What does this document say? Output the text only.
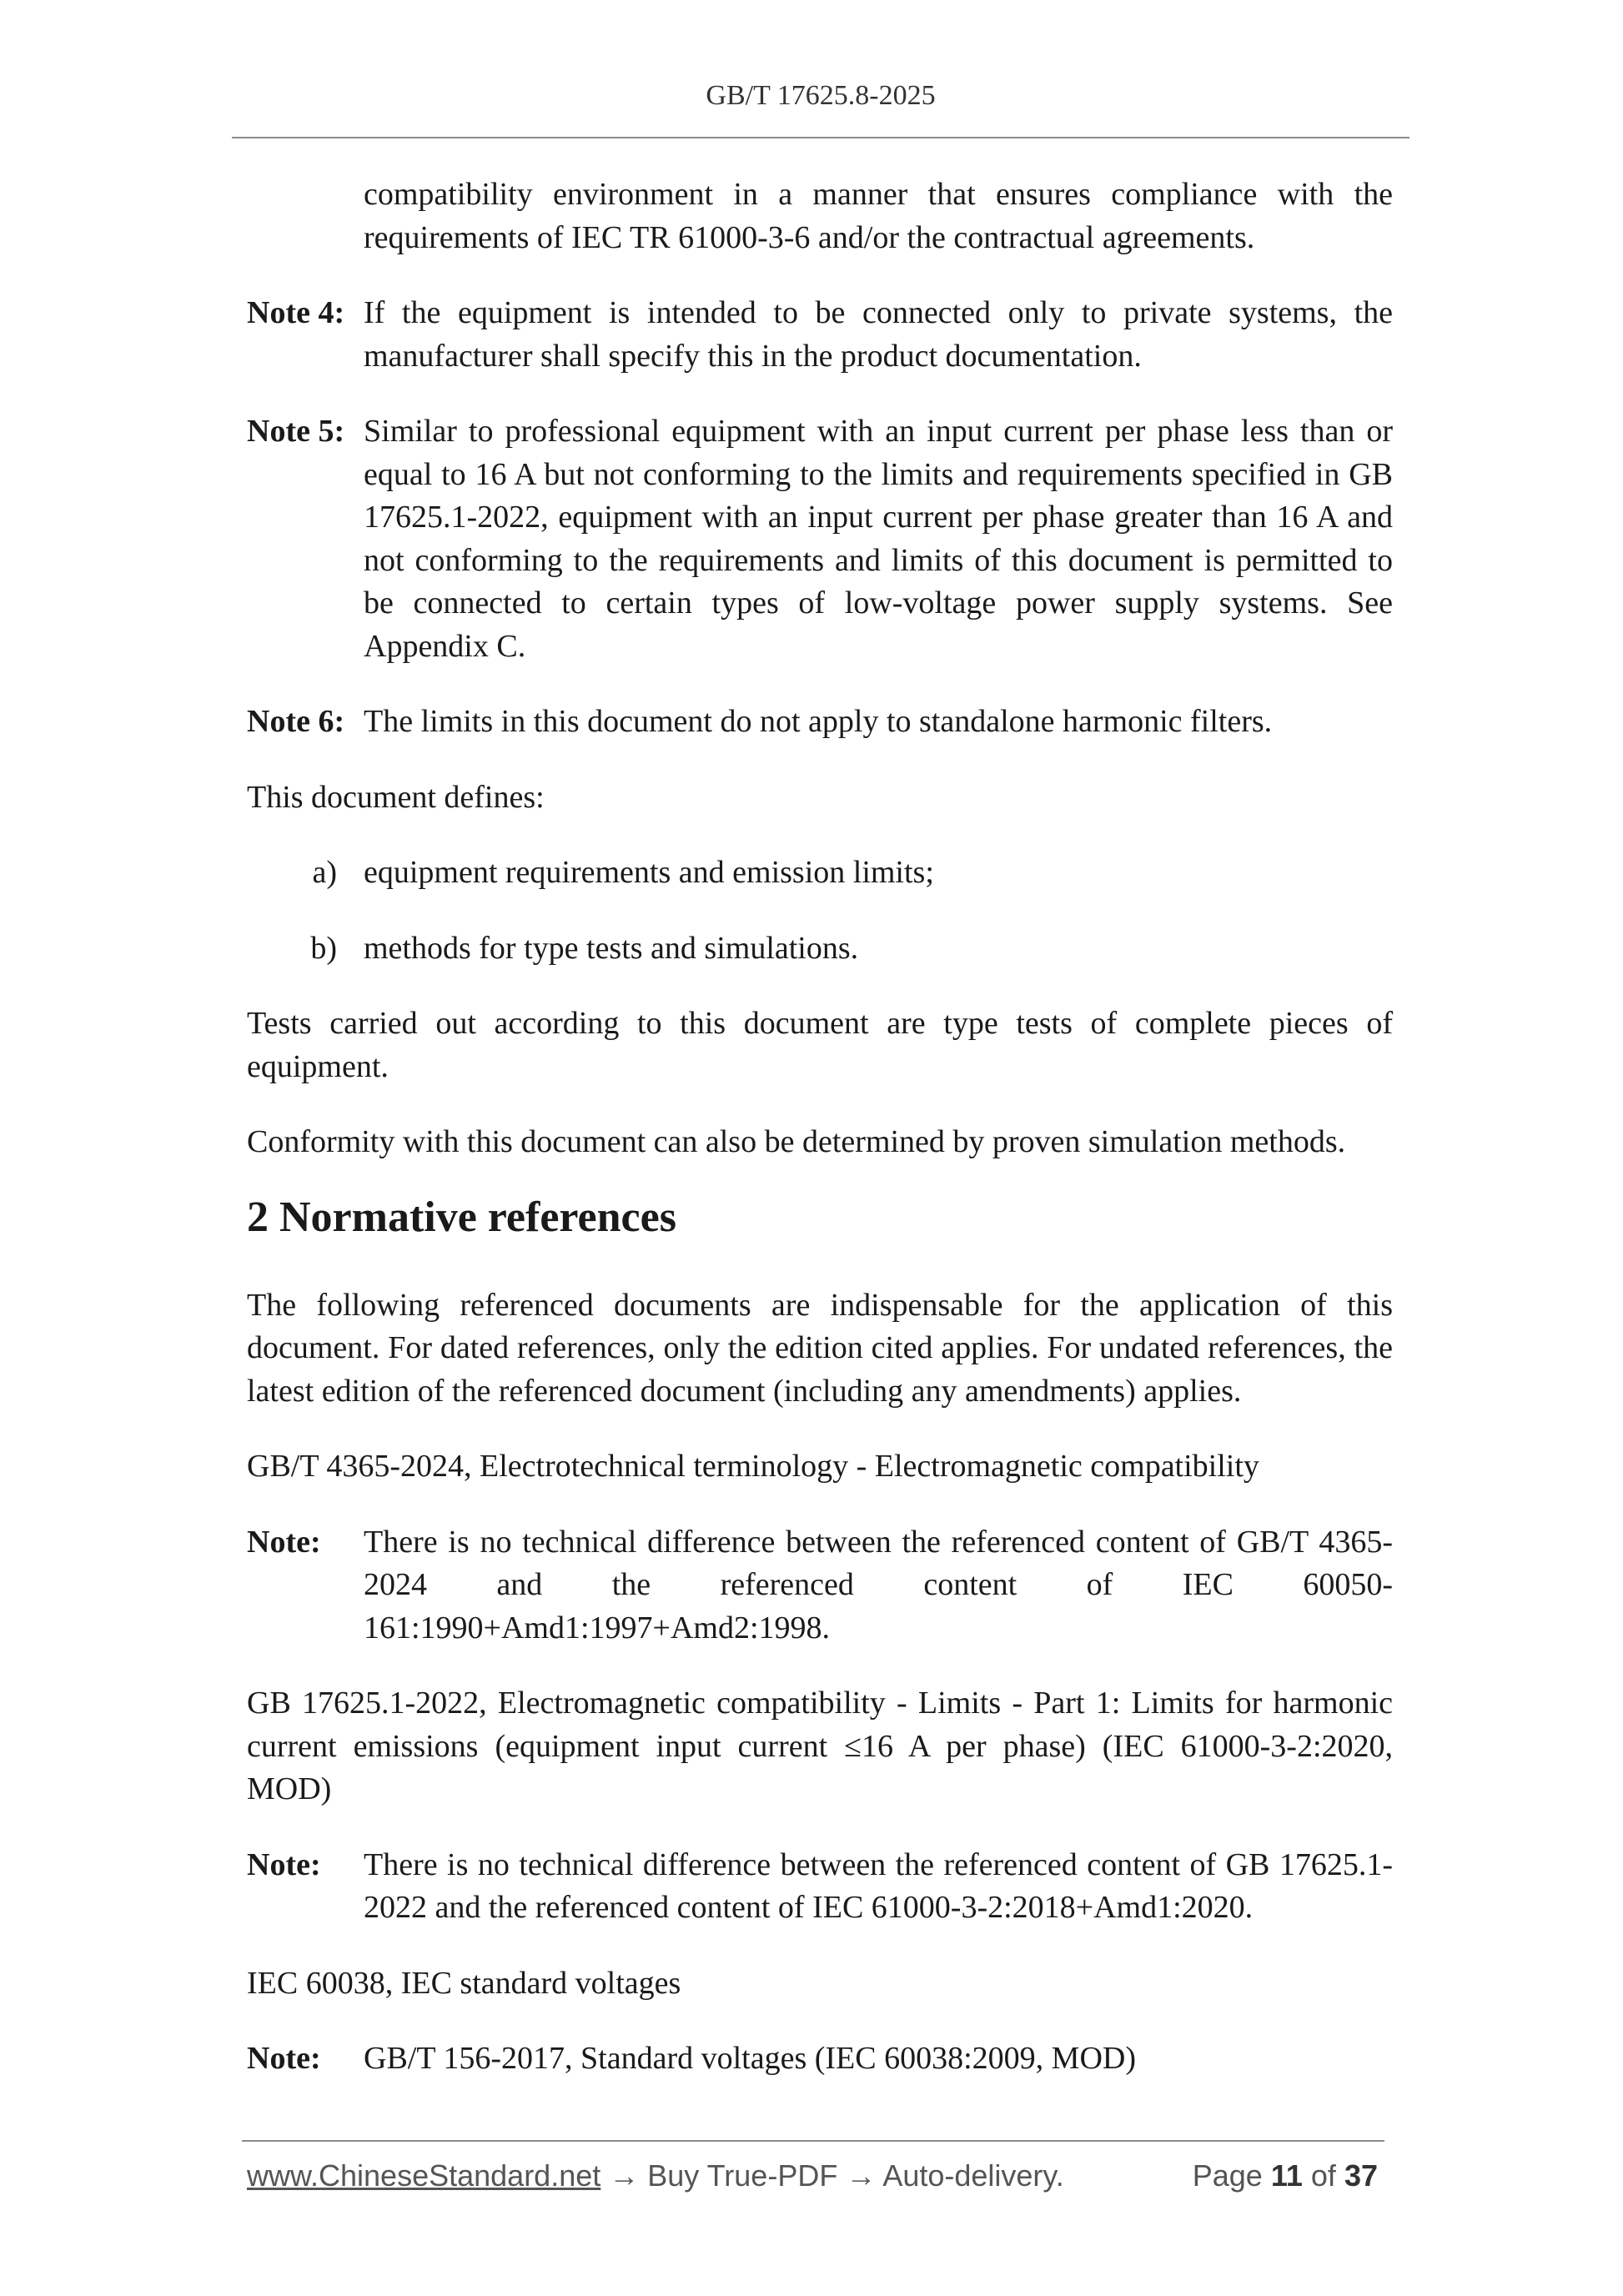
GB/T 17625.8-2025
compatibility environment in a manner that ensures compliance with the requirements of IEC TR 61000-3-6 and/or the contractual agreements.
Note 4: If the equipment is intended to be connected only to private systems, the manufacturer shall specify this in the product documentation.
Note 5: Similar to professional equipment with an input current per phase less than or equal to 16 A but not conforming to the limits and requirements specified in GB 17625.1-2022, equipment with an input current per phase greater than 16 A and not conforming to the requirements and limits of this document is permitted to be connected to certain types of low-voltage power supply systems. See Appendix C.
Note 6: The limits in this document do not apply to standalone harmonic filters.

This document defines:

a) equipment requirements and emission limits;
b) methods for type tests and simulations.

Tests carried out according to this document are type tests of complete pieces of equipment.

Conformity with this document can also be determined by proven simulation methods.

2 Normative references

The following referenced documents are indispensable for the application of this document. For dated references, only the edition cited applies. For undated references, the latest edition of the referenced document (including any amendments) applies.

GB/T 4365-2024, Electrotechnical terminology - Electromagnetic compatibility

Note:	There is no technical difference between the referenced content of GB/T 4365-2024 and the referenced content of IEC 60050-161:1990+Amd1:1997+Amd2:1998.

GB 17625.1-2022, Electromagnetic compatibility - Limits - Part 1: Limits for harmonic current emissions (equipment input current ≤16 A per phase) (IEC 61000-3-2:2020, MOD)

Note:	There is no technical difference between the referenced content of GB 17625.1-2022 and the referenced content of IEC 61000-3-2:2018+Amd1:2020.

IEC 60038, IEC standard voltages

Note:	GB/T 156-2017, Standard voltages (IEC 60038:2009, MOD)
www.ChineseStandard.net → Buy True-PDF → Auto-delivery.	Page 11 of 37
